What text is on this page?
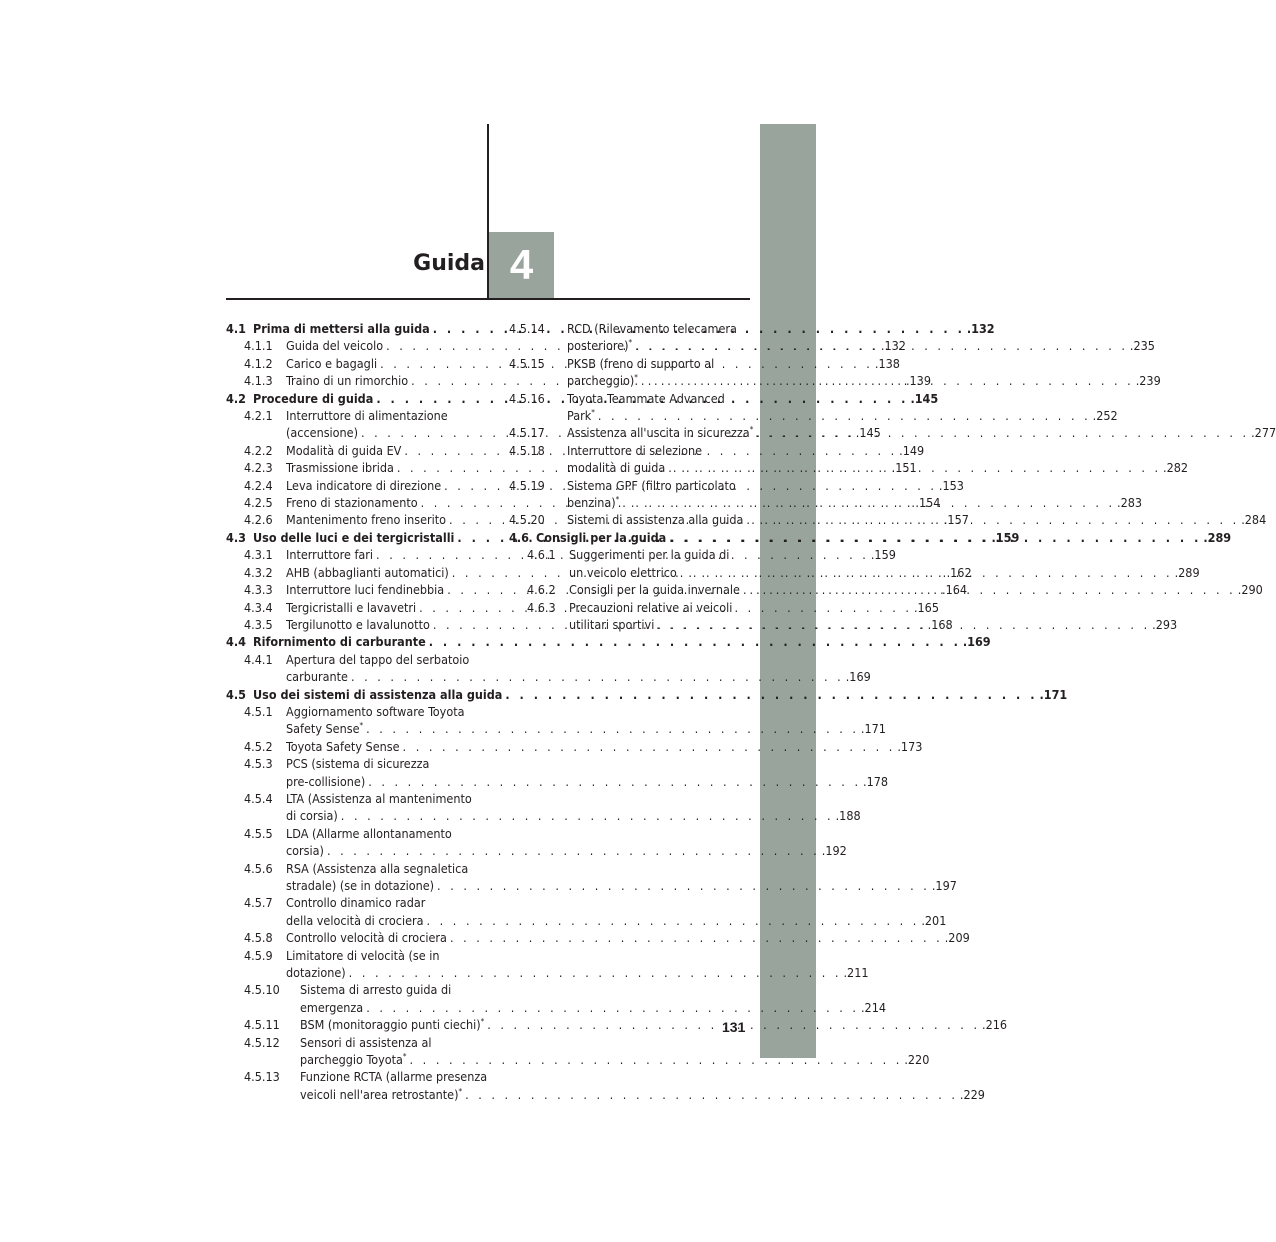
Guida 4
4.1 Prima di mettersi alla guida . . .	.132
4.1.1	Guida del veicolo . . .	.132
4.1.2	Carico e bagagli . . .	.138
4.1.3	Traino di un rimorchio . . .	.139
4.2 Procedure di guida . . .	.145
4.2.1	Interruttore di alimentazione
(accensione) . . .	.145
4.2.2	Modalità di guida EV . . .	.149
4.2.3	Trasmissione ibrida . . .	.151
4.2.4	Leva indicatore di direzione . . .	.153
4.2.5	Freno di stazionamento . . .	.154
4.2.6	Mantenimento freno inserito . . .	.157
4.3 Uso delle luci e dei tergicristalli . . .	.159
4.3.1	Interruttore fari . . .	.159
4.3.2	AHB (abbaglianti automatici) . . .	.162
4.3.3	Interruttore luci fendinebbia . . .	.164
4.3.4	Tergicristalli e lavavetri . . .	.165
4.3.5	Tergilunotto e lavalunotto . . .	.168
4.4 Rifornimento di carburante . . .	.169
4.4.1	Apertura del tappo del serbatoio
carburante . . .	.169
4.5 Uso dei sistemi di assistenza alla guida . . .	.171
4.5.1	Aggiornamento software Toyota
Safety Sense* . . .	.171
4.5.2	Toyota Safety Sense . . .	.173
4.5.3	PCS (sistema di sicurezza
pre-collisione) . . .	.178
4.5.4	LTA (Assistenza al mantenimento
di corsia) . . .	.188
4.5.5	LDA (Allarme allontanamento
corsia) . . .	.192
4.5.6	RSA (Assistenza alla segnaletica
stradale) (se in dotazione) . . .	.197
4.5.7	Controllo dinamico radar
della velocità di crociera . . .	.201
4.5.8	Controllo velocità di crociera . . .	.209
4.5.9	Limitatore di velocità (se in
dotazione) . . .	.211
4.5.10	Sistema di arresto guida di
emergenza . . .	.214
4.5.11	BSM (monitoraggio punti ciechi)* . . .	.216
4.5.12	Sensori di assistenza al
parcheggio Toyota* . . .	.220
4.5.13	Funzione RCTA (allarme presenza
veicoli nell'area retrostante)* . . .	.229
4.5.14	RCD (Rilevamento telecamera
posteriore)* . . .	.235
4.5.15	PKSB (freno di supporto al
parcheggio)* . . .	.239
4.5.16	Toyota Teammate Advanced
Park* . . .	.252
4.5.17	Assistenza all'uscita in sicurezza* . . .	.277
4.5.18	Interruttore di selezione
modalità di guida . . .	.282
4.5.19	Sistema GPF (filtro particolato
benzina)* . . .	.283
4.5.20	Sistemi di assistenza alla guida . . .	.284
4.6 Consigli per la guida . . .	.289
4.6.1	Suggerimenti per la guida di
un veicolo elettrico . . .	.289
4.6.2	Consigli per la guida invernale . . .	.290
4.6.3	Precauzioni relative ai veicoli
utilitari sportivi . . .	.293
131
